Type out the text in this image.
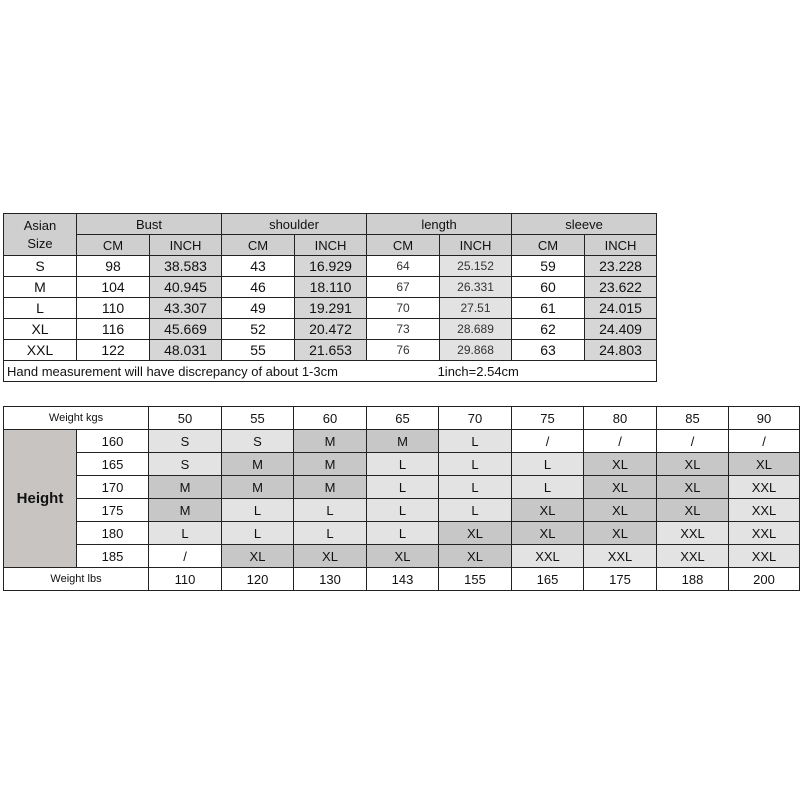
Asian
Size	Bust		shoulder		length		sleeve	
	CM	INCH	CM	INCH	CM	INCH	CM	INCH
S	98	38.583	43	16.929	64	25.152	59	23.228
M	104	40.945	46	18.110	67	26.331	60	23.622
L	110	43.307	49	19.291	70	27.51	61	24.015
XL	116	45.669	52	20.472	73	28.689	62	24.409
XXL	122	48.031	55	21.653	76	29.868	63	24.803
Hand measurement will have discrepancy of about 1-3cm 1inch=2.54cm								
Weight kgs		50	55	60	65	70	75	80	85	90
Height	160	S	S	M	M	L	/	/	/	/
	165	S	M	M	L	L	L	XL	XL	XL
	170	M	M	M	L	L	L	XL	XL	XXL
	175	M	L	L	L	L	XL	XL	XL	XXL
	180	L	L	L	L	XL	XL	XL	XXL	XXL
	185	/	XL	XL	XL	XL	XXL	XXL	XXL	XXL
Weight lbs		110	120	130	143	155	165	175	188	200
